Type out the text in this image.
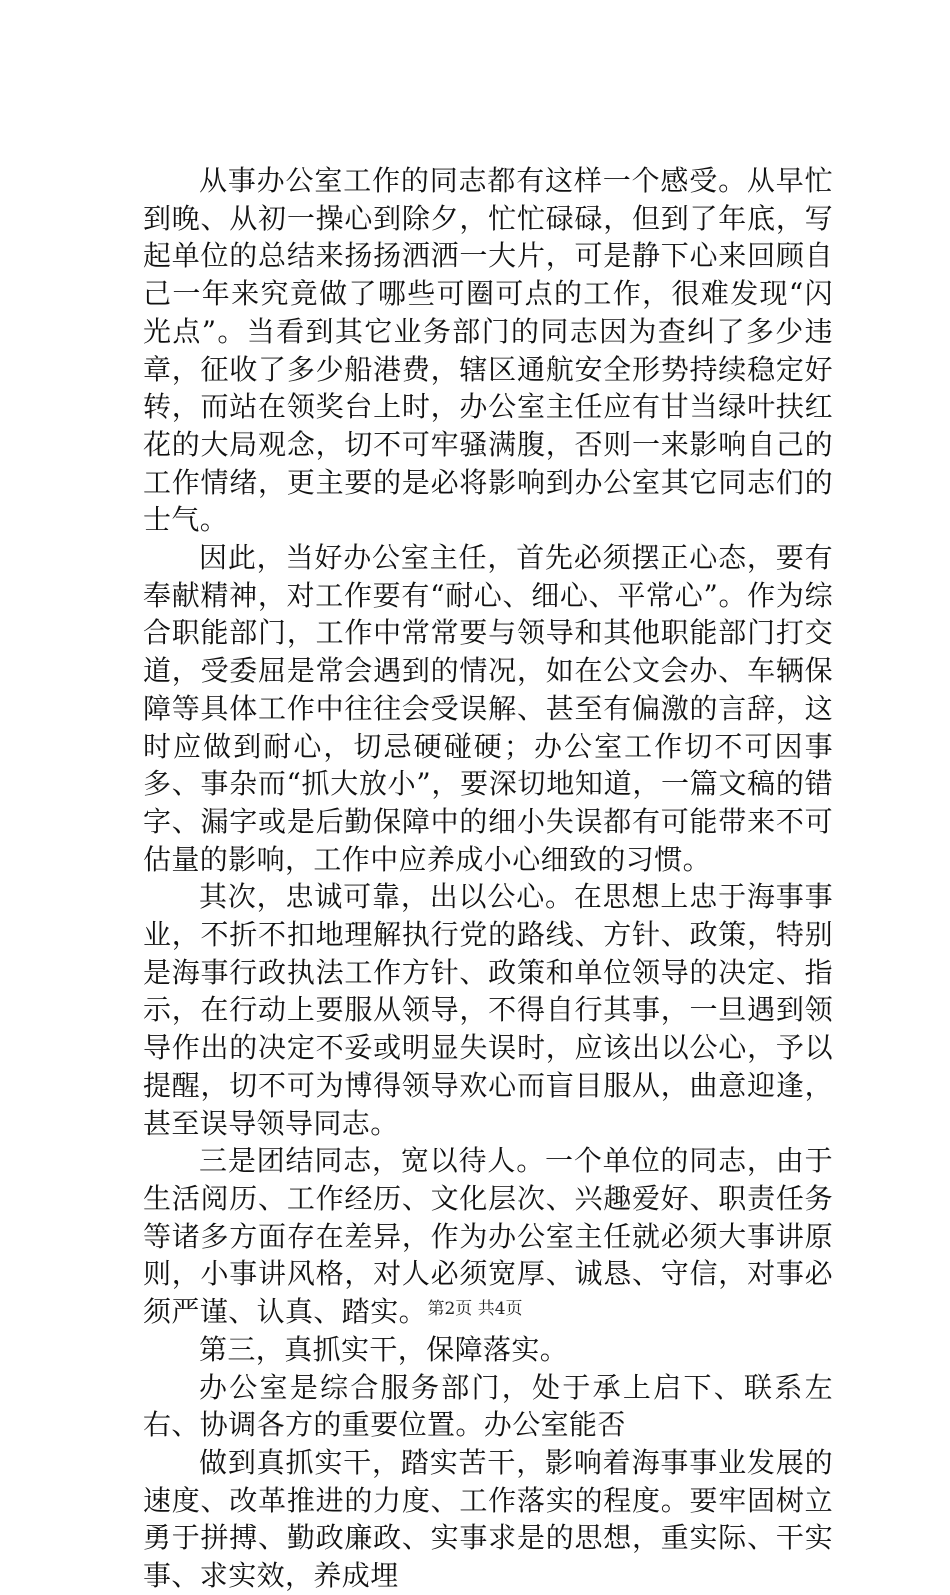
从事办公室工作的同志都有这样一个感受。从早忙到晚、从初一操心到除夕，忙忙碌碌，但到了年底，写起单位的总结来扬扬洒洒一大片，可是静下心来回顾自己一年来究竟做了哪些可圈可点的工作，很难发现“闪光点”。当看到其它业务部门的同志因为查纠了多少违章，征收了多少船港费，辖区通航安全形势持续稳定好转，而站在领奖台上时，办公室主任应有甘当绿叶扶红花的大局观念，切不可牢骚满腹，否则一来影响自己的工作情绪，更主要的是必将影响到办公室其它同志们的士气。

因此，当好办公室主任，首先必须摆正心态，要有奉献精神，对工作要有“耐心、细心、平常心”。作为综合职能部门，工作中常常要与领导和其他职能部门打交道，受委屈是常会遇到的情况，如在公文会办、车辆保障等具体工作中往往会受误解、甚至有偏激的言辞，这时应做到耐心，切忌硬碰硬；办公室工作切不可因事多、事杂而“抓大放小”，要深切地知道，一篇文稿的错字、漏字或是后勤保障中的细小失误都有可能带来不可估量的影响，工作中应养成小心细致的习惯。

其次，忠诚可靠，出以公心。在思想上忠于海事事业，不折不扣地理解执行党的路线、方针、政策，特别是海事行政执法工作方针、政策和单位领导的决定、指示，在行动上要服从领导，不得自行其事，一旦遇到领导作出的决定不妥或明显失误时，应该出以公心，予以提醒，切不可为博得领导欢心而盲目服从，曲意迎逢，甚至误导领导同志。

三是团结同志，宽以待人。一个单位的同志，由于生活阅历、工作经历、文化层次、兴趣爱好、职责任务等诸多方面存在差异，作为办公室主任就必须大事讲原则，小事讲风格，对人必须宽厚、诚恳、守信，对事必须严谨、认真、踏实。

第三，真抓实干，保障落实。

办公室是综合服务部门，处于承上启下、联系左右、协调各方的重要位置。办公室能否

做到真抓实干，踏实苦干，影响着海事事业发展的速度、改革推进的力度、工作落实的程度。要牢固树立勇于拼搏、勤政廉政、实事求是的思想，重实际、干实事、求实效，养成埋

第2页 共4页
